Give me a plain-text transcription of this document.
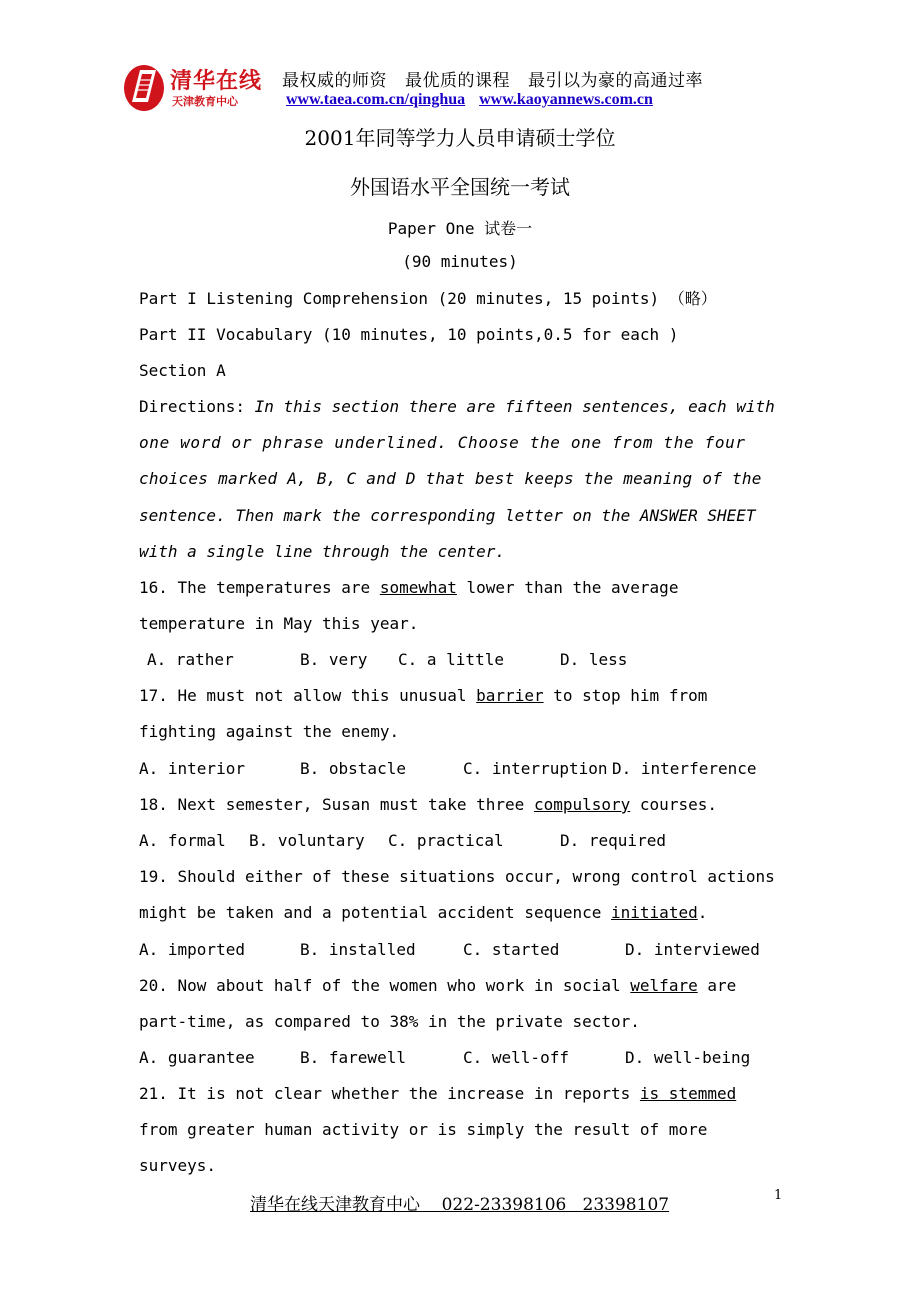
清华在线
天津教育中心
最权威的师资 最优质的课程 最引以为豪的高通过率
www.taea.com.cn/qinghua www.kaoyannews.com.cn
2001年同等学力人员申请硕士学位
外国语水平全国统一考试
Paper One 试卷一
(90 minutes)
Part I Listening Comprehension (20 minutes, 15 points) （略）
Part II Vocabulary (10 minutes, 10 points,0.5 for each )
Section A
Directions: In this section there are fifteen sentences, each with
one word or phrase underlined. Choose the one from the four
choices marked A, B, C and D that best keeps the meaning of the
sentence. Then mark the corresponding letter on the ANSWER SHEET
with a single line through the center.
16. The temperatures are somewhat lower than the average
temperature in May this year.
A. rather	B. very C. a little	D. less
17. He must not allow this unusual barrier to stop him from
fighting against the enemy.
A. interior	B. obstacle	C. interruption D. interference
18. Next semester, Susan must take three compulsory courses.
A. formal B. voluntary C. practical	D. required
19. Should either of these situations occur, wrong control actions
might be taken and a potential accident sequence initiated.
A. imported	B. installed	C. started	D. interviewed
20. Now about half of the women who work in social welfare are
part-time, as compared to 38% in the private sector.
A. guarantee	B. farewell	C. well-off	D. well-being
21. It is not clear whether the increase in reports is stemmed
from greater human activity or is simply the result of more
surveys.
清华在线天津教育中心    022-23398106   23398107	1
